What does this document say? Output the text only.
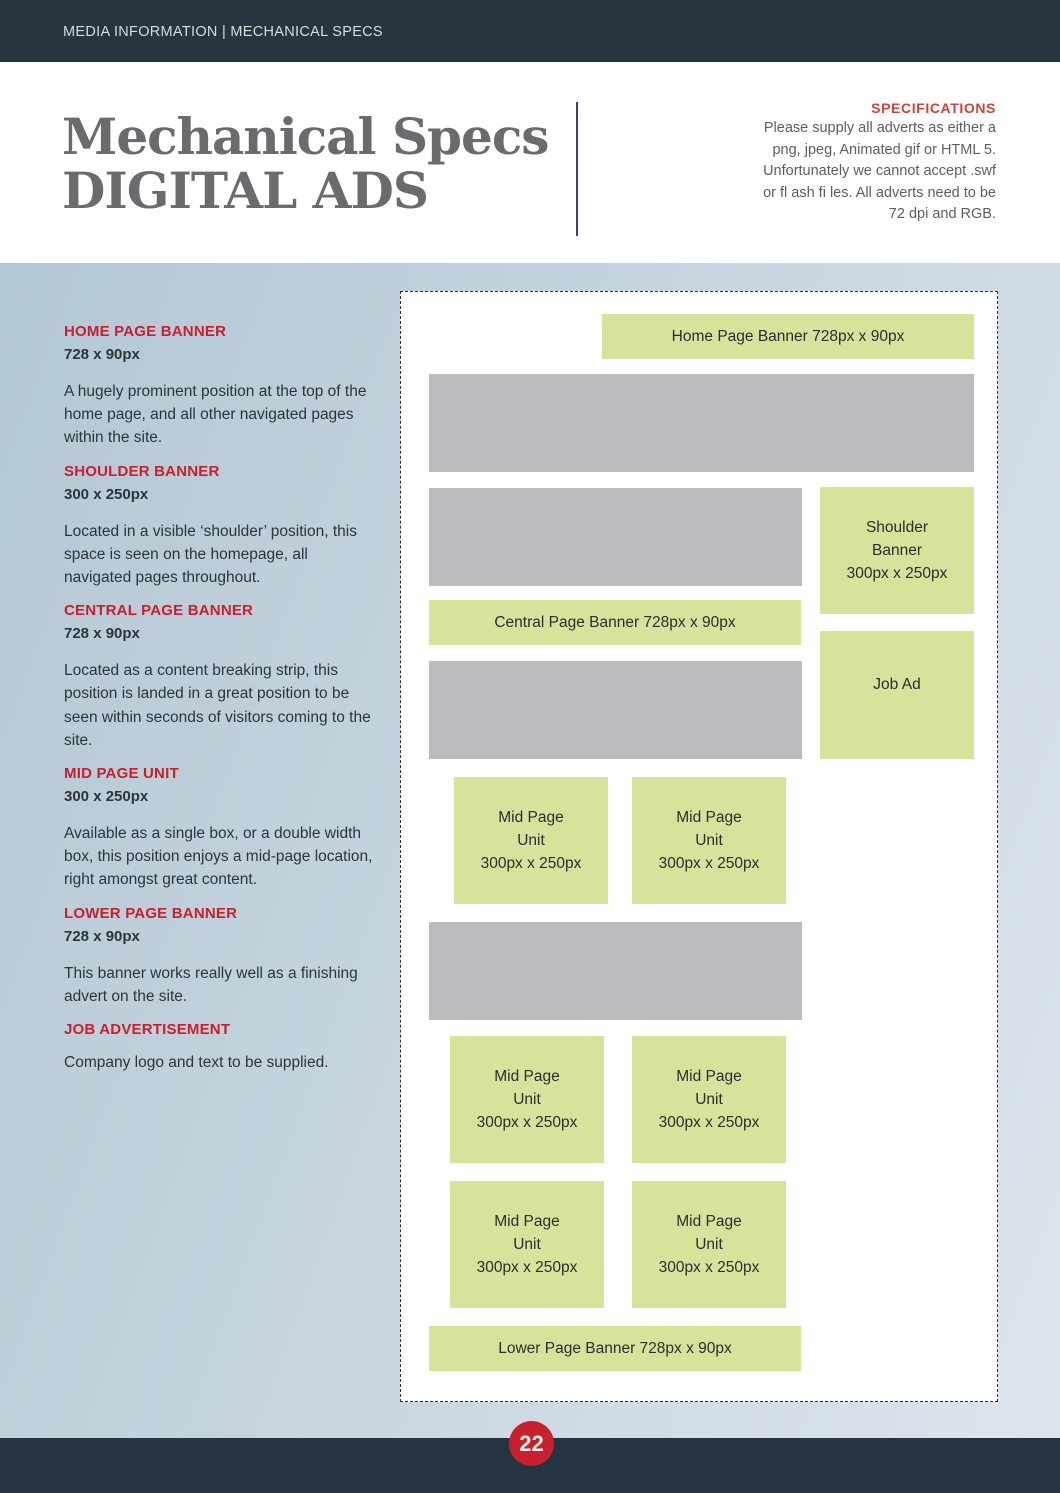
MEDIA INFORMATION | MECHANICAL SPECS
Mechanical Specs
DIGITAL ADS
SPECIFICATIONS
Please supply all adverts as either a
png, jpeg, Animated gif or HTML 5.
Unfortunately we cannot accept .swf
or fl ash fi les. All adverts need to be
72 dpi and RGB.
HOME PAGE BANNER
728 x 90px
A hugely prominent position at the top of the home page, and all other navigated pages within the site.
SHOULDER BANNER
300 x 250px
Located in a visible ‘shoulder’ position, this space is seen on the homepage, all navigated pages throughout.
CENTRAL PAGE BANNER
728 x 90px
Located as a content breaking strip, this position is landed in a great position to be seen within seconds of visitors coming to the site.
MID PAGE UNIT
300 x 250px
Available as a single box, or a double width box, this position enjoys a mid-page location, right amongst great content.
LOWER PAGE BANNER
728 x 90px
This banner works really well as a finishing advert on the site.
JOB ADVERTISEMENT
Company logo and text to be supplied.
Home Page Banner 728px x 90px
Shoulder
Banner
300px x 250px
Central Page Banner 728px x 90px
Job Ad
Mid Page
Unit
300px x 250px
Mid Page
Unit
300px x 250px
Mid Page
Unit
300px x 250px
Mid Page
Unit
300px x 250px
Mid Page
Unit
300px x 250px
Mid Page
Unit
300px x 250px
Lower Page Banner 728px x 90px
22
